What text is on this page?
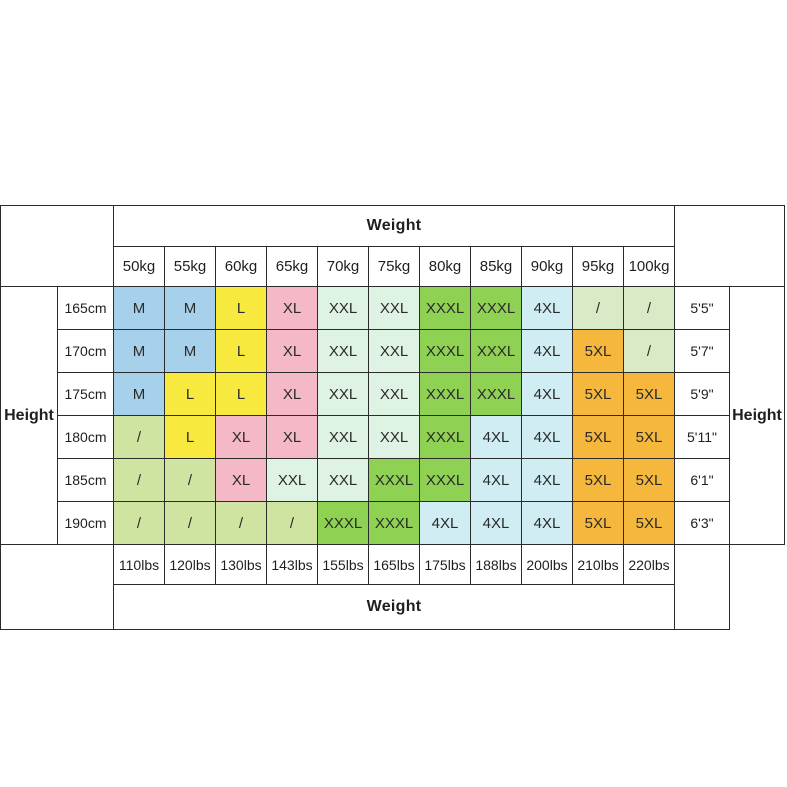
		Weight												
		50kg	55kg	60kg	65kg	70kg	75kg	80kg	85kg	90kg	95kg	100kg		
Height	165cm	M	M	L	XL	XXL	XXL	XXXL	XXXL	4XL	/	/	5'5"	Height
	170cm	M	M	L	XL	XXL	XXL	XXXL	XXXL	4XL	5XL	/	5'7"	
	175cm	M	L	L	XL	XXL	XXL	XXXL	XXXL	4XL	5XL	5XL	5'9"	
	180cm	/	L	XL	XL	XXL	XXL	XXXL	4XL	4XL	5XL	5XL	5'11"	
	185cm	/	/	XL	XXL	XXL	XXXL	XXXL	4XL	4XL	5XL	5XL	6'1"	
	190cm	/	/	/	/	XXXL	XXXL	4XL	4XL	4XL	5XL	5XL	6'3"	
		110lbs	120lbs	130lbs	143lbs	155lbs	165lbs	175lbs	188lbs	200lbs	210lbs	220lbs		
		Weight												
